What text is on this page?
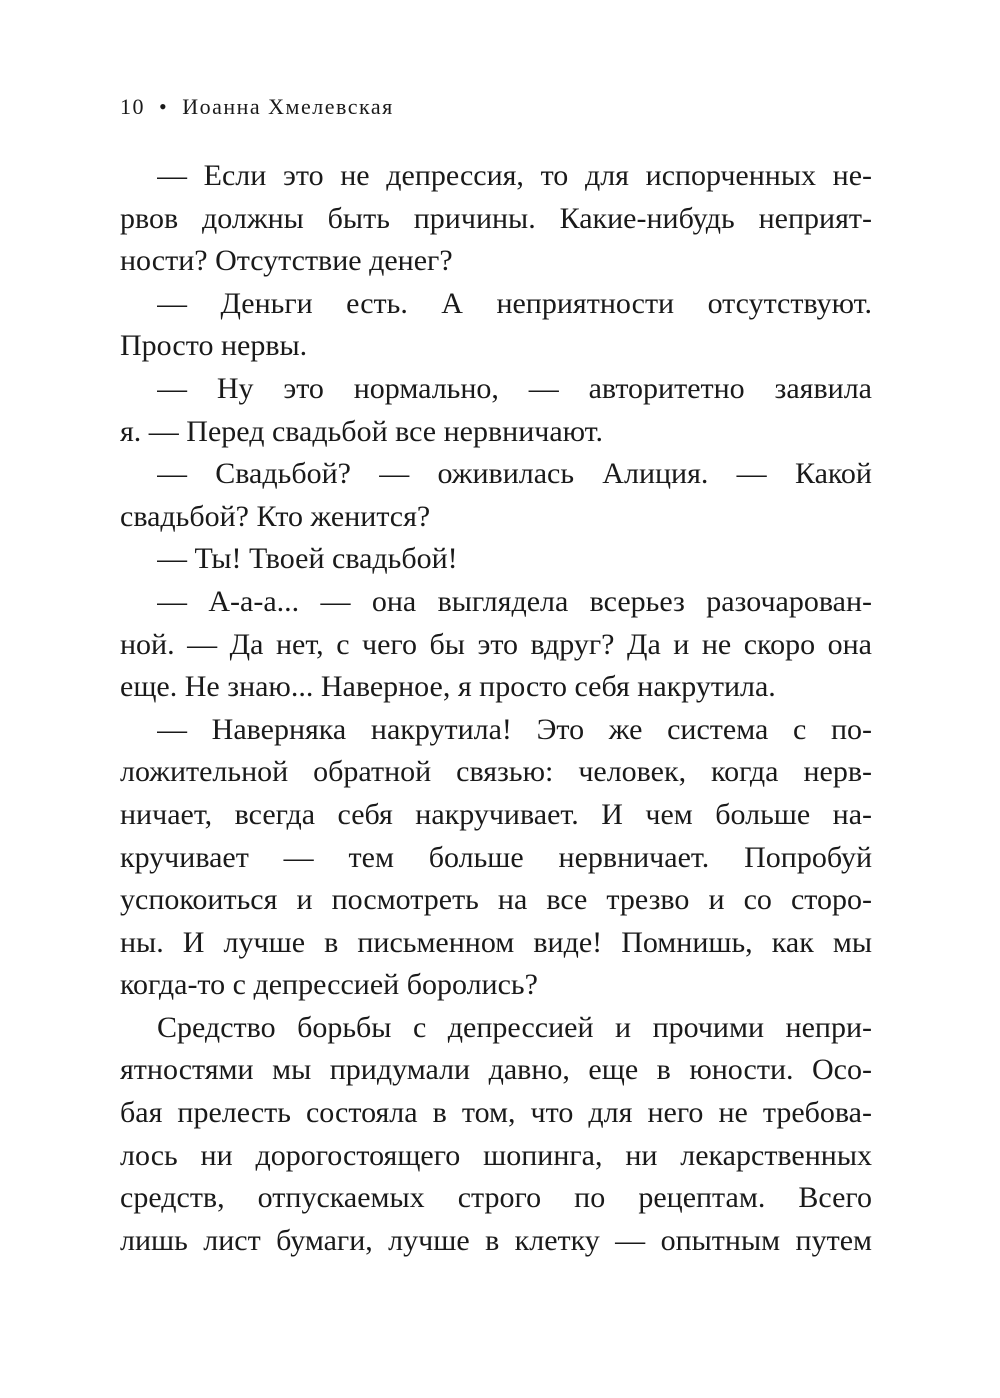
10 • Иоанна Хмелевская
— Если это не депрессия, то для испорченных не-
рвов должны быть причины. Какие-нибудь неприят-
ности? Отсутствие денег?
— Деньги есть. А неприятности отсутствуют.
Просто нервы.
— Ну это нормально, — авторитетно заявила
я. — Перед свадьбой все нервничают.
— Свадьбой? — оживилась Алиция. — Какой
свадьбой? Кто женится?
— Ты! Твоей свадьбой!
— А-а-а... — она выглядела всерьез разочарован-
ной. — Да нет, с чего бы это вдруг? Да и не скоро она
еще. Не знаю... Наверное, я просто себя накрутила.
— Наверняка накрутила! Это же система с по-
ложительной обратной связью: человек, когда нерв-
ничает, всегда себя накручивает. И чем больше на-
кручивает — тем больше нервничает. Попробуй
успокоиться и посмотреть на все трезво и со сторо-
ны. И лучше в письменном виде! Помнишь, как мы
когда-то с депрессией боролись?
Средство борьбы с депрессией и прочими непри-
ятностями мы придумали давно, еще в юности. Осо-
бая прелесть состояла в том, что для него не требова-
лось ни дорогостоящего шопинга, ни лекарственных
средств, отпускаемых строго по рецептам. Всего
лишь лист бумаги, лучше в клетку — опытным путем
